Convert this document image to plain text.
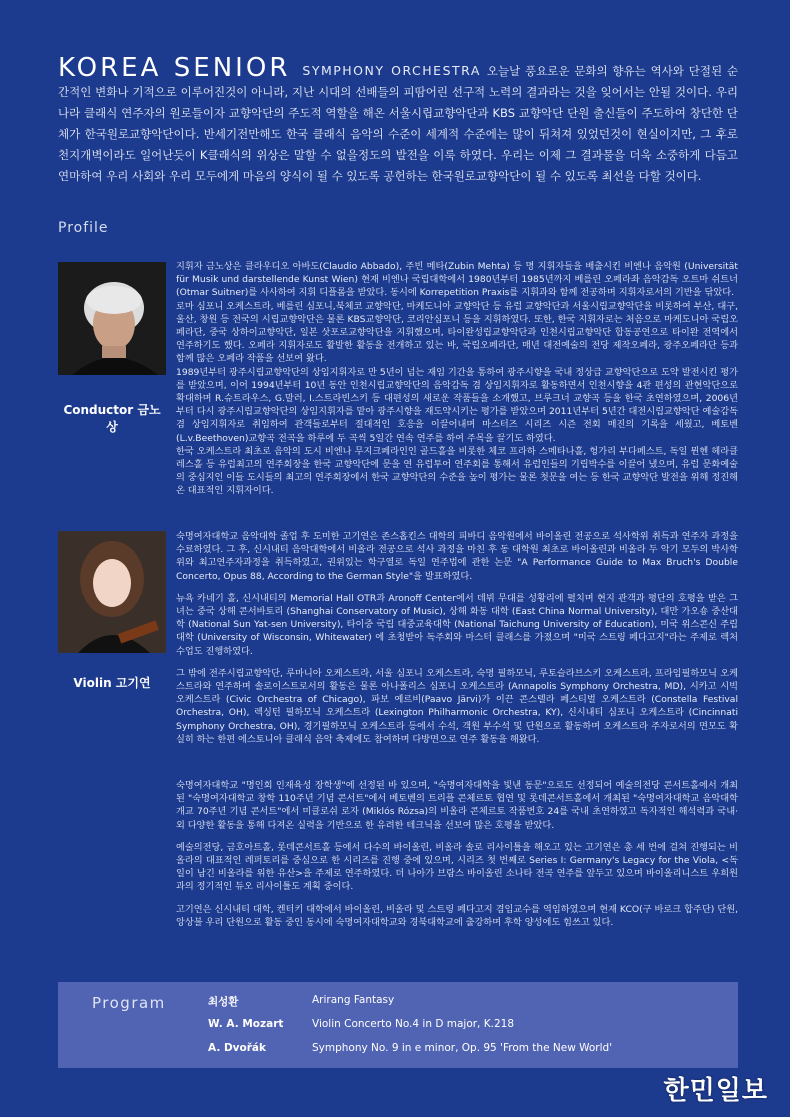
KOREA SENIOR SYMPHONY ORCHESTRA 오늘날 풍요로운 문화의 향유는 역사와 단절된 순간적인 변화나 기적으로 이루어진것이 아니라, 지난 시대의 선배들의 피땀어린 선구적 노력의 결과라는 것을 잊어서는 안될 것이다. 우리나라 클래식 연주자의 원로들이자 교향악단의 주도적 역할을 해온 서울시립교향악단과 KBS 교향악단 단원 출신들이 주도하여 창단한 단체가 한국원로교향악단이다. 반세기전만해도 한국 클래식 음악의 수준이 세계적 수준에는 많이 뒤쳐져 있었던것이 현실이지만, 그 후로 천지개벽이라도 일어난듯이 K클래식의 위상은 말할 수 없을정도의 발전을 이룩 하였다. 우리는 이제 그 결과물을 더욱 소중하게 다듬고 연마하여 우리 사회와 우리 모두에게 마음의 양식이 될 수 있도록 공헌하는 한국원로교향악단이 될 수 있도록 최선을 다할 것이다.
Profile
Conductor 금노상

지휘자 금노상은 클라우디오 아바도(Claudio Abbado), 주빈 메타(Zubin Mehta) 등 명 지휘자들을 배출시킨 비엔나 음악원 (Universität für Musik und darstellende Kunst Wien) 현재 비엔나 국립대학에서 1980년부터 1985년까지 베를린 오페라좌 음악감독 오트마 쉬트너(Otmar Suitner)를 사사하여 지휘 디플롬을 받았다. 동시에 Korrepetition Praxis를 지휘과와 함께 전공하며 지휘자로서의 기반을 닦았다.

로마 심포니 오케스트라, 베를린 심포니,북체코 교향악단, 마케도니아 교향악단 등 유럽 교향악단과 서울시립교향악단을 비롯하여 부산, 대구, 울산, 창원 등 전국의 시립교향악단은 물론 KBS교향악단, 코리안심포니 등을 지휘하였다. 또한, 한국 지휘자로는 처음으로 마케도니아 국립오페라단, 중국 상하이교향악단, 일본 삿포로교향악단을 지휘했으며, 타이완성립교향악단과 인천시립교향악단 합동공연으로 타이완 전역에서 연주하기도 했다. 오페라 지휘자로도 활발한 활동을 전개하고 있는 바, 국립오페라단, 매년 대전예술의 전당 제작오페라, 광주오페라단 등과 함께 많은 오페라 작품을 선보여 왔다.

1989년부터 광주시립교향악단의 상임지휘자로 만 5년이 넘는 재임 기간을 통하여 광주시향을 국내 정상급 교향악단으로 도약 발전시킨 평가를 받았으며, 이어 1994년부터 10년 동안 인천시립교향악단의 음악감독 겸 상임지휘자로 활동하면서 인천시향을 4관 편성의 관현악단으로 확대하며 R.슈트라우스, G.말러, I.스트라빈스키 등 대편성의 새로운 작품들을 소개했고, 브루크너 교향곡 등을 한국 초연하였으며, 2006년부터 다시 광주시립교향악단의 상임지휘자를 맡아 광주시향을 재도약시키는 평가를 받았으며 2011년부터 5년간 대전시립교향악단 예술감독 겸 상임지휘자로 취임하여 관객들로부터 절대적인 호응을 이끌어내며 마스터즈 시리즈 시즌 전회 매진의 기록을 세웠고, 베토벤(L.v.Beethoven)교향곡 전곡을 하루에 두 곡씩 5일간 연속 연주를 하여 주목을 끌기도 하였다.

한국 오케스트라 최초로 음악의 도시 비엔나 무지크페라인인 골드홀을 비롯한 체코 프라하 스메타나홀, 헝가리 부다페스트, 독일 뮌헨 헤라클레스홀 등 유럽최고의 연주회장을 한국 교향악단에 문을 연 유럽투어 연주회를 통해서 유럽인들의 기립박수를 이끌어 냈으며, 유럽 문화예술의 중심지인 이들 도시들의 최고의 연주회장에서 한국 교향악단의 수준을 높이 평가는 물론 첫문을 여는 등 한국 교향악단 발전을 위해 정진해온 대표적인 지휘자이다.

Violin 고기연

숙명여자대학교 음악대학 졸업 후 도미한 고기연은 존스홉킨스 대학의 피바디 음악원에서 바이올린 전공으로 석사학위 취득과 연주자 과정을 수료하였다. 그 후, 신시내티 음악대학에서 비올라 전공으로 석사 과정을 마친 후 동 대학원 최초로 바이올린과 비올라 두 악기 모두의 박사학위와 최고연주자과정을 취득하였고, 권위있는 학구열로 독일 연주법에 관한 논문 "A Performance Guide to Max Bruch's Double Concerto, Opus 88, According to the German Style"을 발표하였다.

뉴욕 카네기 홀, 신시내티의 Memorial Hall OTR과 Aronoff Center에서 데뷔 무대를 성황리에 펼치며 현지 관객과 평단의 호평을 받은 그녀는 중국 상해 콘서바토리 (Shanghai Conservatory of Music), 상해 화동 대학 (East China Normal University), 대만 가오숑 중산대학 (National Sun Yat-sen University), 타이중 국립 대중교육대학 (National Taichung University of Education), 미국 위스콘신 주립대학 (University of Wisconsin, Whitewater) 에 초청받아 독주회와 마스터 클래스를 가졌으며 "미국 스트링 페다고지"라는 주제로 렉처 수업도 진행하였다.

그 밖에 전주시립교향악단, 루마니아 오케스트라, 서울 심포니 오케스트라, 숙명 필하모닉, 루토슬라브스키 오케스트라, 프라임필하모닉 오케스트라와 연주하며 솔로이스트로서의 활동은 물론 아나폴리스 심포니 오케스트라 (Annapolis Symphony Orchestra, MD), 시카고 시빅 오케스트라 (Civic Orchestra of Chicago), 파보 예르비(Paavo Järvi)가 이끈 콘스텔라 페스티벌 오케스트라 (Constella Festival Orchestra, OH), 렉싱턴 필하모닉 오케스트라 (Lexington Philharmonic Orchestra, KY), 신시내티 심포니 오케스트라 (Cincinnati Symphony Orchestra, OH), 경기필하모닉 오케스트라 등에서 수석, 객원 부수석 및 단원으로 활동하며 오케스트라 주자로서의 면모도 확실히 하는 한편 에스토니아 클래식 음악 축제에도 참여하며 다방면으로 연주 활동을 해왔다.

숙명여자대학교 "명인회 인재육성 장학생"에 선정된 바 있으며, "숙명여자대학을 빛낸 동문"으로도 선정되어 예술의전당 콘서트홀에서 개최된 "숙명여자대학교 창학 110주년 기념 콘서트"에서 베토벤의 트리플 콘체르토 협연 및 롯데콘서트홀에서 개최된 "숙명여자대학교 음악대학 개교 70주년 기념 콘서트"에서 미클로쉬 로자 (Miklós Rózsa)의 비올라 콘체르토 작품번호 24를 국내 초연하였고 독자적인 해석력과 국내·외 다양한 활동을 통해 다져온 실력을 기반으로 한 유려한 테크닉을 선보여 많은 호평을 받았다.

예술의전당, 금호아트홀, 롯데콘서트홀 등에서 다수의 바이올린, 비올라 솔로 리사이틀을 해오고 있는 고기연은 총 세 번에 걸쳐 진행되는 비올라의 대표적인 레퍼토리를 중심으로 한 시리즈를 진행 중에 있으며, 시리즈 첫 번째로 Series I: Germany's Legacy for the Viola, <독일이 남긴 비올라를 위한 유산>을 주제로 연주하였다. 더 나아가 브람스 바이올린 소나타 전곡 연주를 앞두고 있으며 바이올리니스트 우희원과의 정기적인 듀오 리사이틀도 계획 중이다.

고기연은 신시내티 대학, 켄터키 대학에서 바이올린, 비올라 및 스트링 페다고지 겸임교수를 역임하였으며 현재 KCO(구 바로크 합주단) 단원, 앙상블 우리 단원으로 활동 중인 동시에 숙명여자대학교와 경북대학교에 출강하며 후학 양성에도 힘쓰고 있다.

Program	최성환	Arirang Fantasy
W. A. Mozart	Violin Concerto No.4 in D major, K.218
A. Dvořák	Symphony No. 9 in e minor, Op. 95 'From the New World'
한민일보
